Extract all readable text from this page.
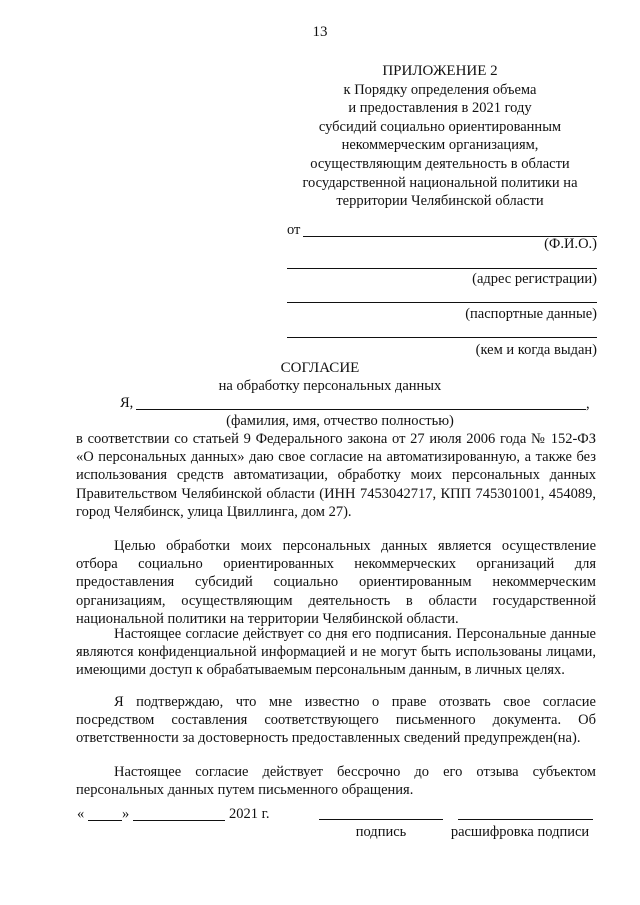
13
ПРИЛОЖЕНИЕ 2
к Порядку определения объема
и предоставления в 2021 году
субсидий социально ориентированным
некоммерческим организациям,
осуществляющим деятельность в области
государственной национальной политики на
территории Челябинской области
от
(Ф.И.О.)
(адрес регистрации)
(паспортные данные)
(кем и когда выдан)
СОГЛАСИЕ
на обработку персональных данных
Я,	,
(фамилия, имя, отчество полностью)
в соответствии со статьей 9 Федерального закона от 27 июля 2006 года № 152-ФЗ «О персональных данных» даю свое согласие на автоматизированную, а также без использования средств автоматизации, обработку моих персональных данных Правительством Челябинской области (ИНН 7453042717, КПП 745301001, 454089, город Челябинск, улица Цвиллинга, дом 27).
Целью обработки моих персональных данных является осуществление отбора социально ориентированных некоммерческих организаций для предоставления субсидий социально ориентированным некоммерческим организациям, осуществляющим деятельность в области государственной национальной политики на территории Челябинской области.
Настоящее согласие действует со дня его подписания. Персональные данные являются конфиденциальной информацией и не могут быть использованы лицами, имеющими доступ к обрабатываемым персональным данным, в личных целях.
Я подтверждаю, что мне известно о праве отозвать свое согласие посредством составления соответствующего письменного документа. Об ответственности за достоверность предоставленных сведений предупрежден(на).
Настоящее согласие действует бессрочно до его отзыва субъектом персональных данных путем письменного обращения.
«	»	2021 г.
подпись	расшифровка подписи
